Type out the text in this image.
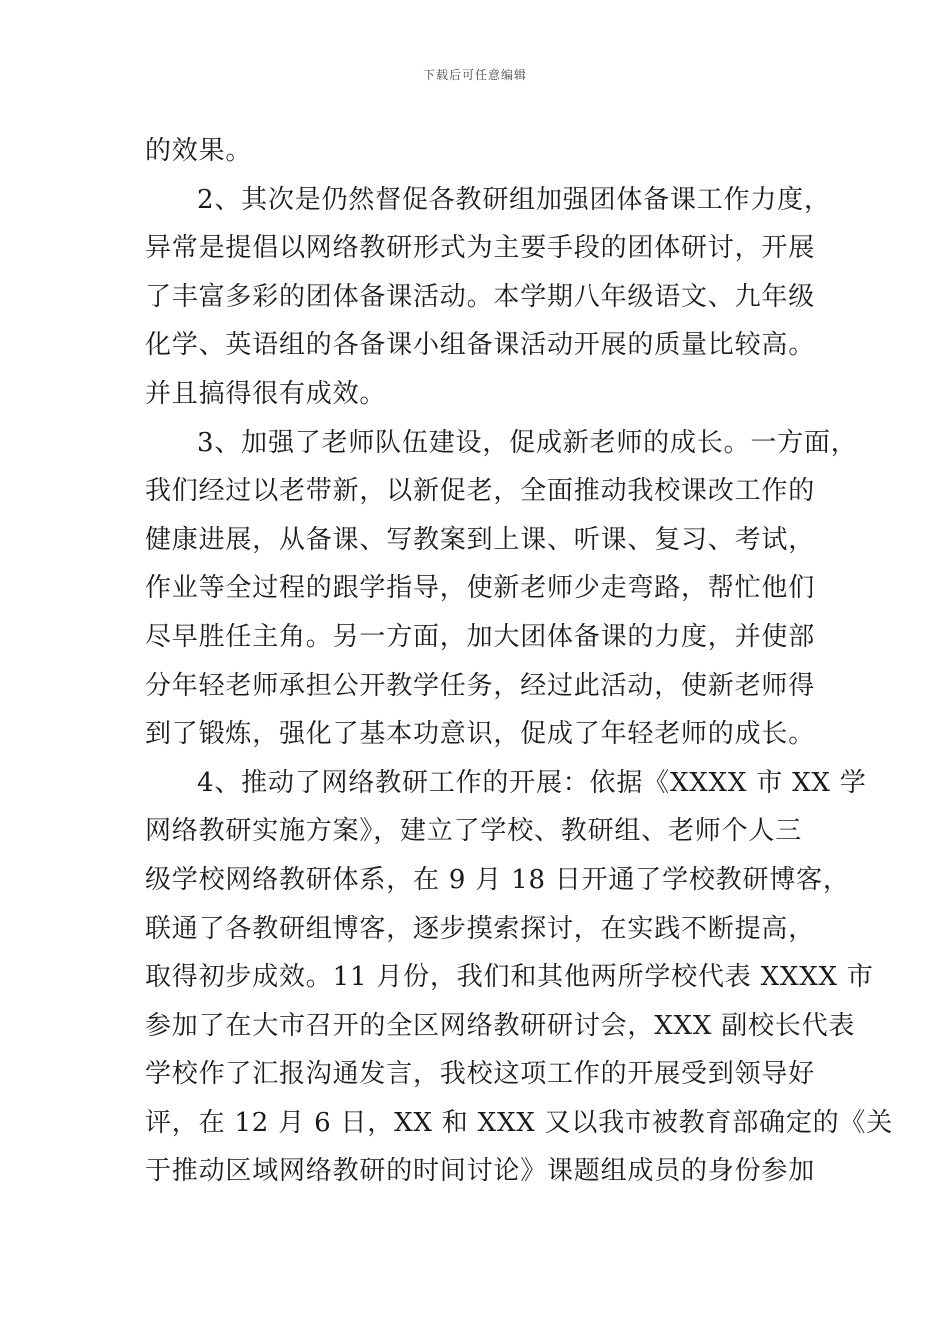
下载后可任意编辑
的效果。
2、其次是仍然督促各教研组加强团体备课工作力度，
异常是提倡以网络教研形式为主要手段的团体研讨，开展
了丰富多彩的团体备课活动。本学期八年级语文、九年级
化学、英语组的各备课小组备课活动开展的质量比较高。
并且搞得很有成效。
3、加强了老师队伍建设，促成新老师的成长。一方面，
我们经过以老带新，以新促老，全面推动我校课改工作的
健康进展，从备课、写教案到上课、听课、复习、考试，
作业等全过程的跟学指导，使新老师少走弯路，帮忙他们
尽早胜任主角。另一方面，加大团体备课的力度，并使部
分年轻老师承担公开教学任务，经过此活动，使新老师得
到了锻炼，强化了基本功意识，促成了年轻老师的成长。
4、推动了网络教研工作的开展：依据《XXXX 市 XX 学
网络教研实施方案》，建立了学校、教研组、老师个人三
级学校网络教研体系，在 9 月 18 日开通了学校教研博客，
联通了各教研组博客，逐步摸索探讨，在实践不断提高，
取得初步成效。11 月份，我们和其他两所学校代表 XXXX 市
参加了在大市召开的全区网络教研研讨会，XXX 副校长代表
学校作了汇报沟通发言，我校这项工作的开展受到领导好
评，在 12 月 6 日，XX 和 XXX 又以我市被教育部确定的《关
于推动区域网络教研的时间讨论》课题组成员的身份参加
